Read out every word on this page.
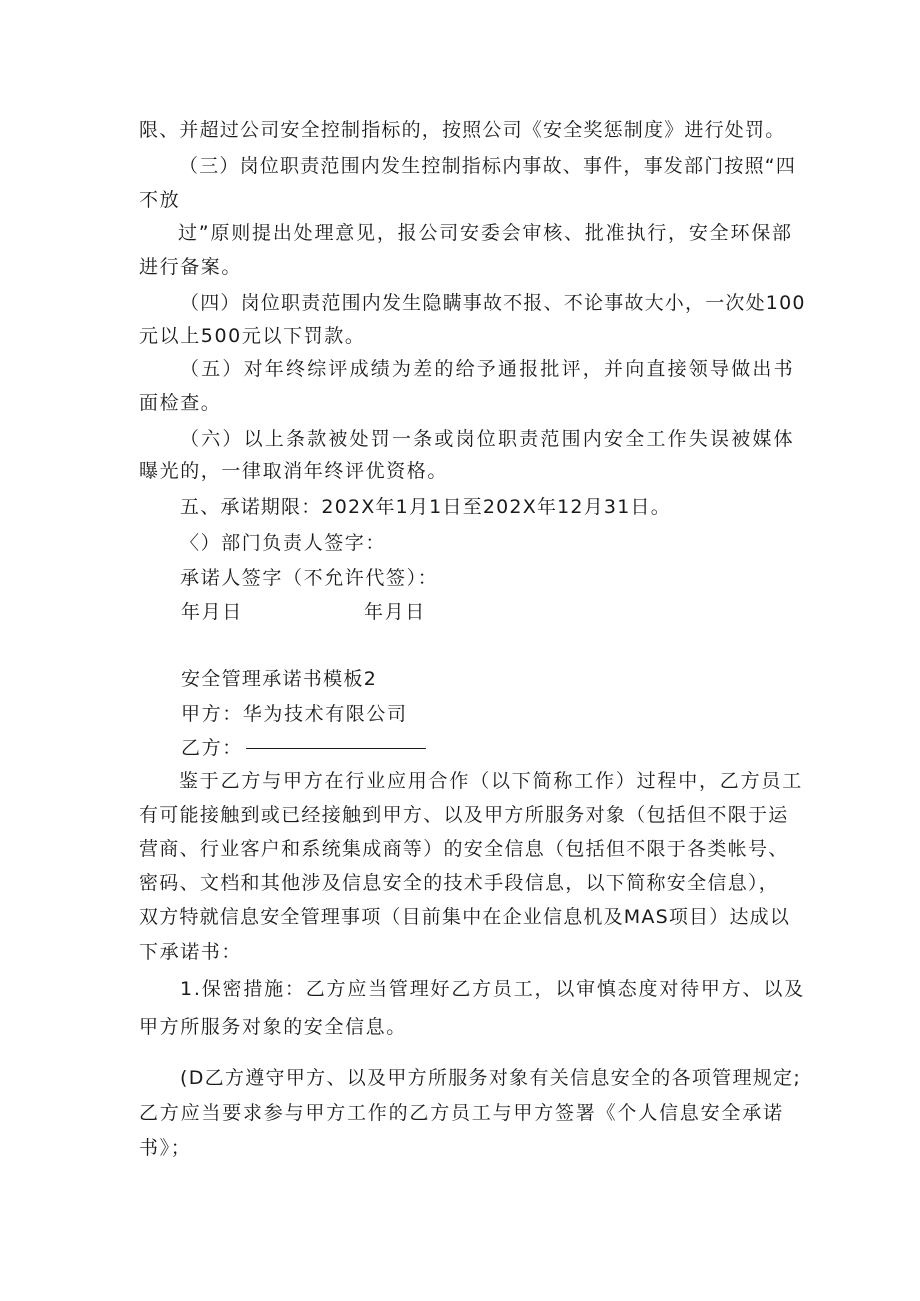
限、并超过公司安全控制指标的，按照公司《安全奖惩制度》进行处罚。
（三）岗位职责范围内发生控制指标内事故、事件，事发部门按照“四
不放
过”原则提出处理意见，报公司安委会审核、批准执行，安全环保部
进行备案。
（四）岗位职责范围内发生隐瞒事故不报、不论事故大小，一次处100
元以上500元以下罚款。
（五）对年终综评成绩为差的给予通报批评，并向直接领导做出书
面检查。
（六）以上条款被处罚一条或岗位职责范围内安全工作失误被媒体
曝光的，一律取消年终评优资格。
五、承诺期限：202X年1月1日至202X年12月31日。
〈）部门负责人签字：
承诺人签字（不允许代签）：
年月日	年月日
安全管理承诺书模板2
甲方：华为技术有限公司
乙方：
鉴于乙方与甲方在行业应用合作（以下简称工作）过程中，乙方员工
有可能接触到或已经接触到甲方、以及甲方所服务对象（包括但不限于运
营商、行业客户和系统集成商等）的安全信息（包括但不限于各类帐号、
密码、文档和其他涉及信息安全的技术手段信息，以下简称安全信息），
双方特就信息安全管理事项（目前集中在企业信息机及MAS项目）达成以
下承诺书：
1.保密措施：乙方应当管理好乙方员工，以审慎态度对待甲方、以及
甲方所服务对象的安全信息。
(D乙方遵守甲方、以及甲方所服务对象有关信息安全的各项管理规定;
乙方应当要求参与甲方工作的乙方员工与甲方签署《个人信息安全承诺
书》；
